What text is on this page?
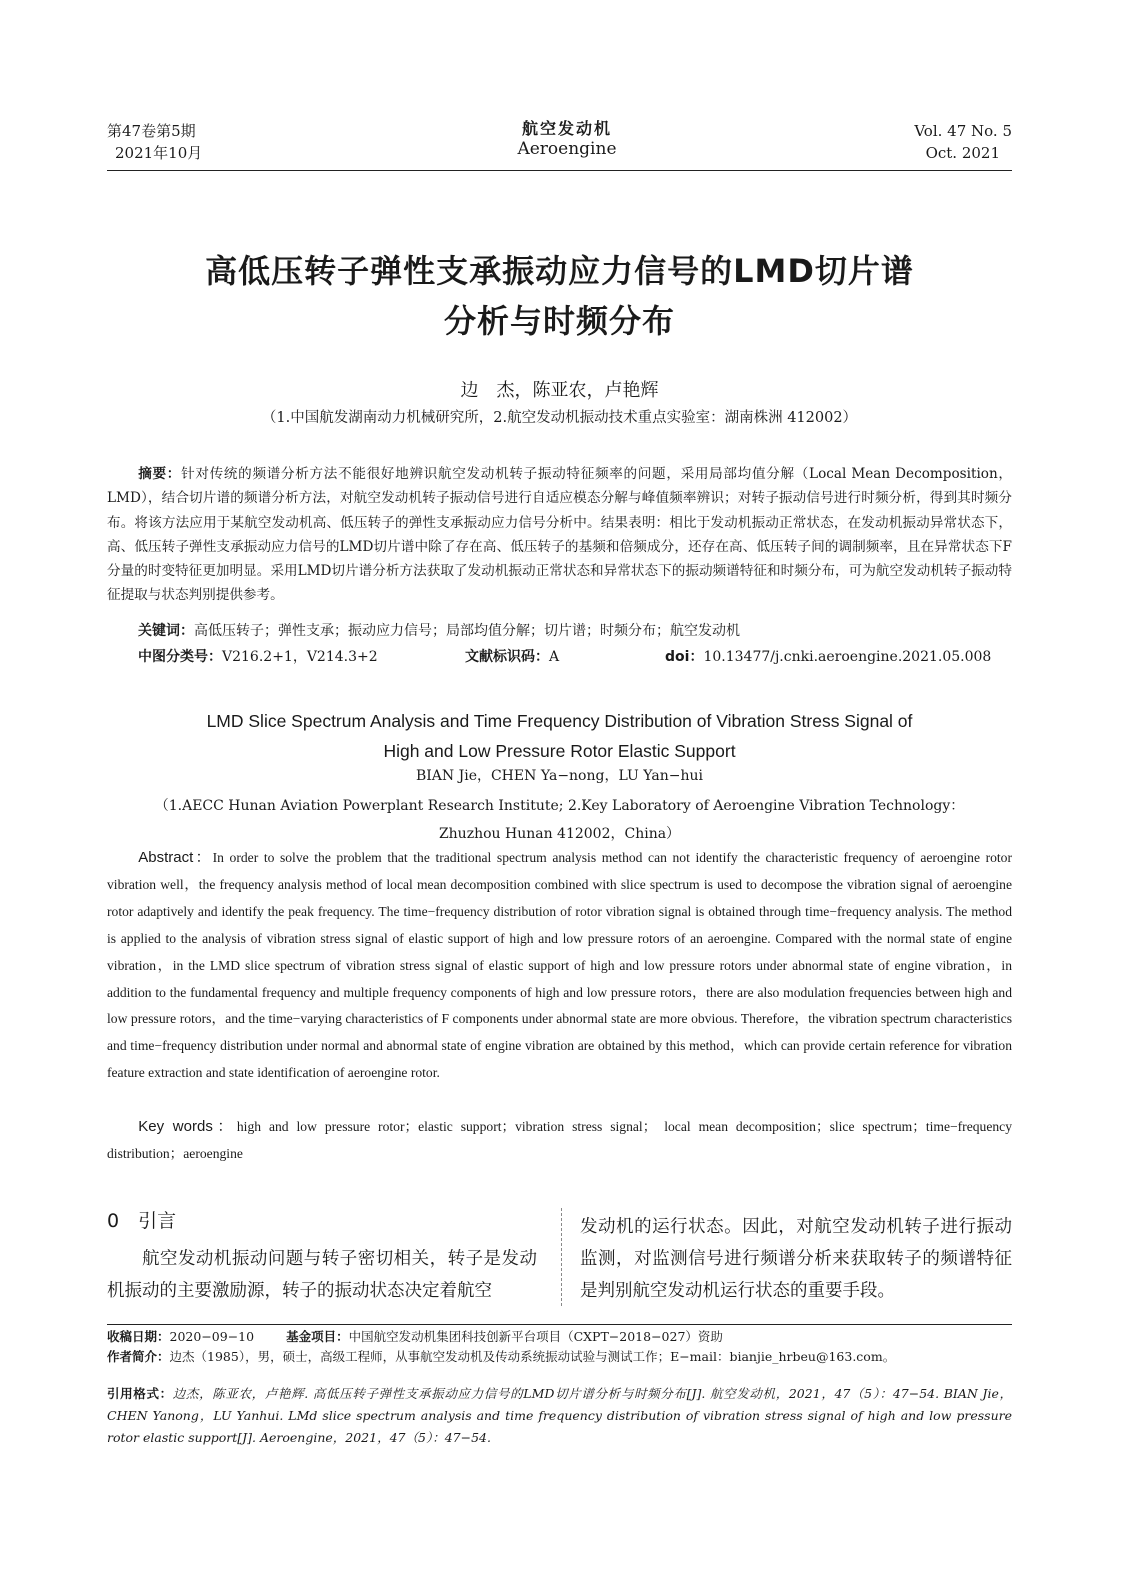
第47卷第5期
2021年10月
航空发动机
Aeroengine
Vol. 47 No. 5
Oct. 2021
高低压转子弹性支承振动应力信号的LMD切片谱
分析与时频分布
边　杰，陈亚农，卢艳辉
（1.中国航发湖南动力机械研究所，2.航空发动机振动技术重点实验室：湖南株洲 412002）
摘要：针对传统的频谱分析方法不能很好地辨识航空发动机转子振动特征频率的问题，采用局部均值分解（Local Mean Decomposition，LMD），结合切片谱的频谱分析方法，对航空发动机转子振动信号进行自适应模态分解与峰值频率辨识；对转子振动信号进行时频分析，得到其时频分布。将该方法应用于某航空发动机高、低压转子的弹性支承振动应力信号分析中。结果表明：相比于发动机振动正常状态，在发动机振动异常状态下，高、低压转子弹性支承振动应力信号的LMD切片谱中除了存在高、低压转子的基频和倍频成分，还存在高、低压转子间的调制频率，且在异常状态下F分量的时变特征更加明显。采用LMD切片谱分析方法获取了发动机振动正常状态和异常状态下的振动频谱特征和时频分布，可为航空发动机转子振动特征提取与状态判别提供参考。
关键词：高低压转子；弹性支承；振动应力信号；局部均值分解；切片谱；时频分布；航空发动机
中图分类号：V216.2+1，V214.3+2	文献标识码：A	doi：10.13477/j.cnki.aeroengine.2021.05.008
LMD Slice Spectrum Analysis and Time Frequency Distribution of Vibration Stress Signal of
High and Low Pressure Rotor Elastic Support
BIAN Jie，CHEN Ya−nong，LU Yan−hui
（1.AECC Hunan Aviation Powerplant Research Institute; 2.Key Laboratory of Aeroengine Vibration Technology：
Zhuzhou Hunan 412002，China）
Abstract：In order to solve the problem that the traditional spectrum analysis method can not identify the characteristic frequency of aeroengine rotor vibration well，the frequency analysis method of local mean decomposition combined with slice spectrum is used to decompose the vibration signal of aeroengine rotor adaptively and identify the peak frequency. The time−frequency distribution of rotor vibration signal is obtained through time−frequency analysis. The method is applied to the analysis of vibration stress signal of elastic support of high and low pressure rotors of an aeroengine. Compared with the normal state of engine vibration，in the LMD slice spectrum of vibration stress signal of elastic support of high and low pressure rotors under abnormal state of engine vibration，in addition to the fundamental frequency and multiple frequency components of high and low pressure rotors，there are also modulation frequencies between high and low pressure rotors，and the time−varying characteristics of F components under abnormal state are more obvious. Therefore，the vibration spectrum characteristics and time−frequency distribution under normal and abnormal state of engine vibration are obtained by this method，which can provide certain reference for vibration feature extraction and state identification of aeroengine rotor.
Key words：high and low pressure rotor；elastic support；vibration stress signal； local mean decomposition；slice spectrum；time−frequency distribution；aeroengine
0　引言
航空发动机振动问题与转子密切相关，转子是发动机振动的主要激励源，转子的振动状态决定着航空
发动机的运行状态。因此，对航空发动机转子进行振动监测，对监测信号进行频谱分析来获取转子的频谱特征是判别航空发动机运行状态的重要手段。
收稿日期：2020−09−10	基金项目：中国航空发动机集团科技创新平台项目（CXPT−2018−027）资助
作者简介：边杰（1985），男，硕士，高级工程师，从事航空发动机及传动系统振动试验与测试工作；E−mail：bianjie_hrbeu@163.com。
引用格式：边杰，陈亚农，卢艳辉. 高低压转子弹性支承振动应力信号的LMD切片谱分析与时频分布[J]. 航空发动机，2021，47（5）：47−54. BIAN Jie，CHEN Yanong，LU Yanhui. LMd slice spectrum analysis and time frequency distribution of vibration stress signal of high and low pressure rotor elastic support[J]. Aeroengine，2021，47（5）：47−54.
